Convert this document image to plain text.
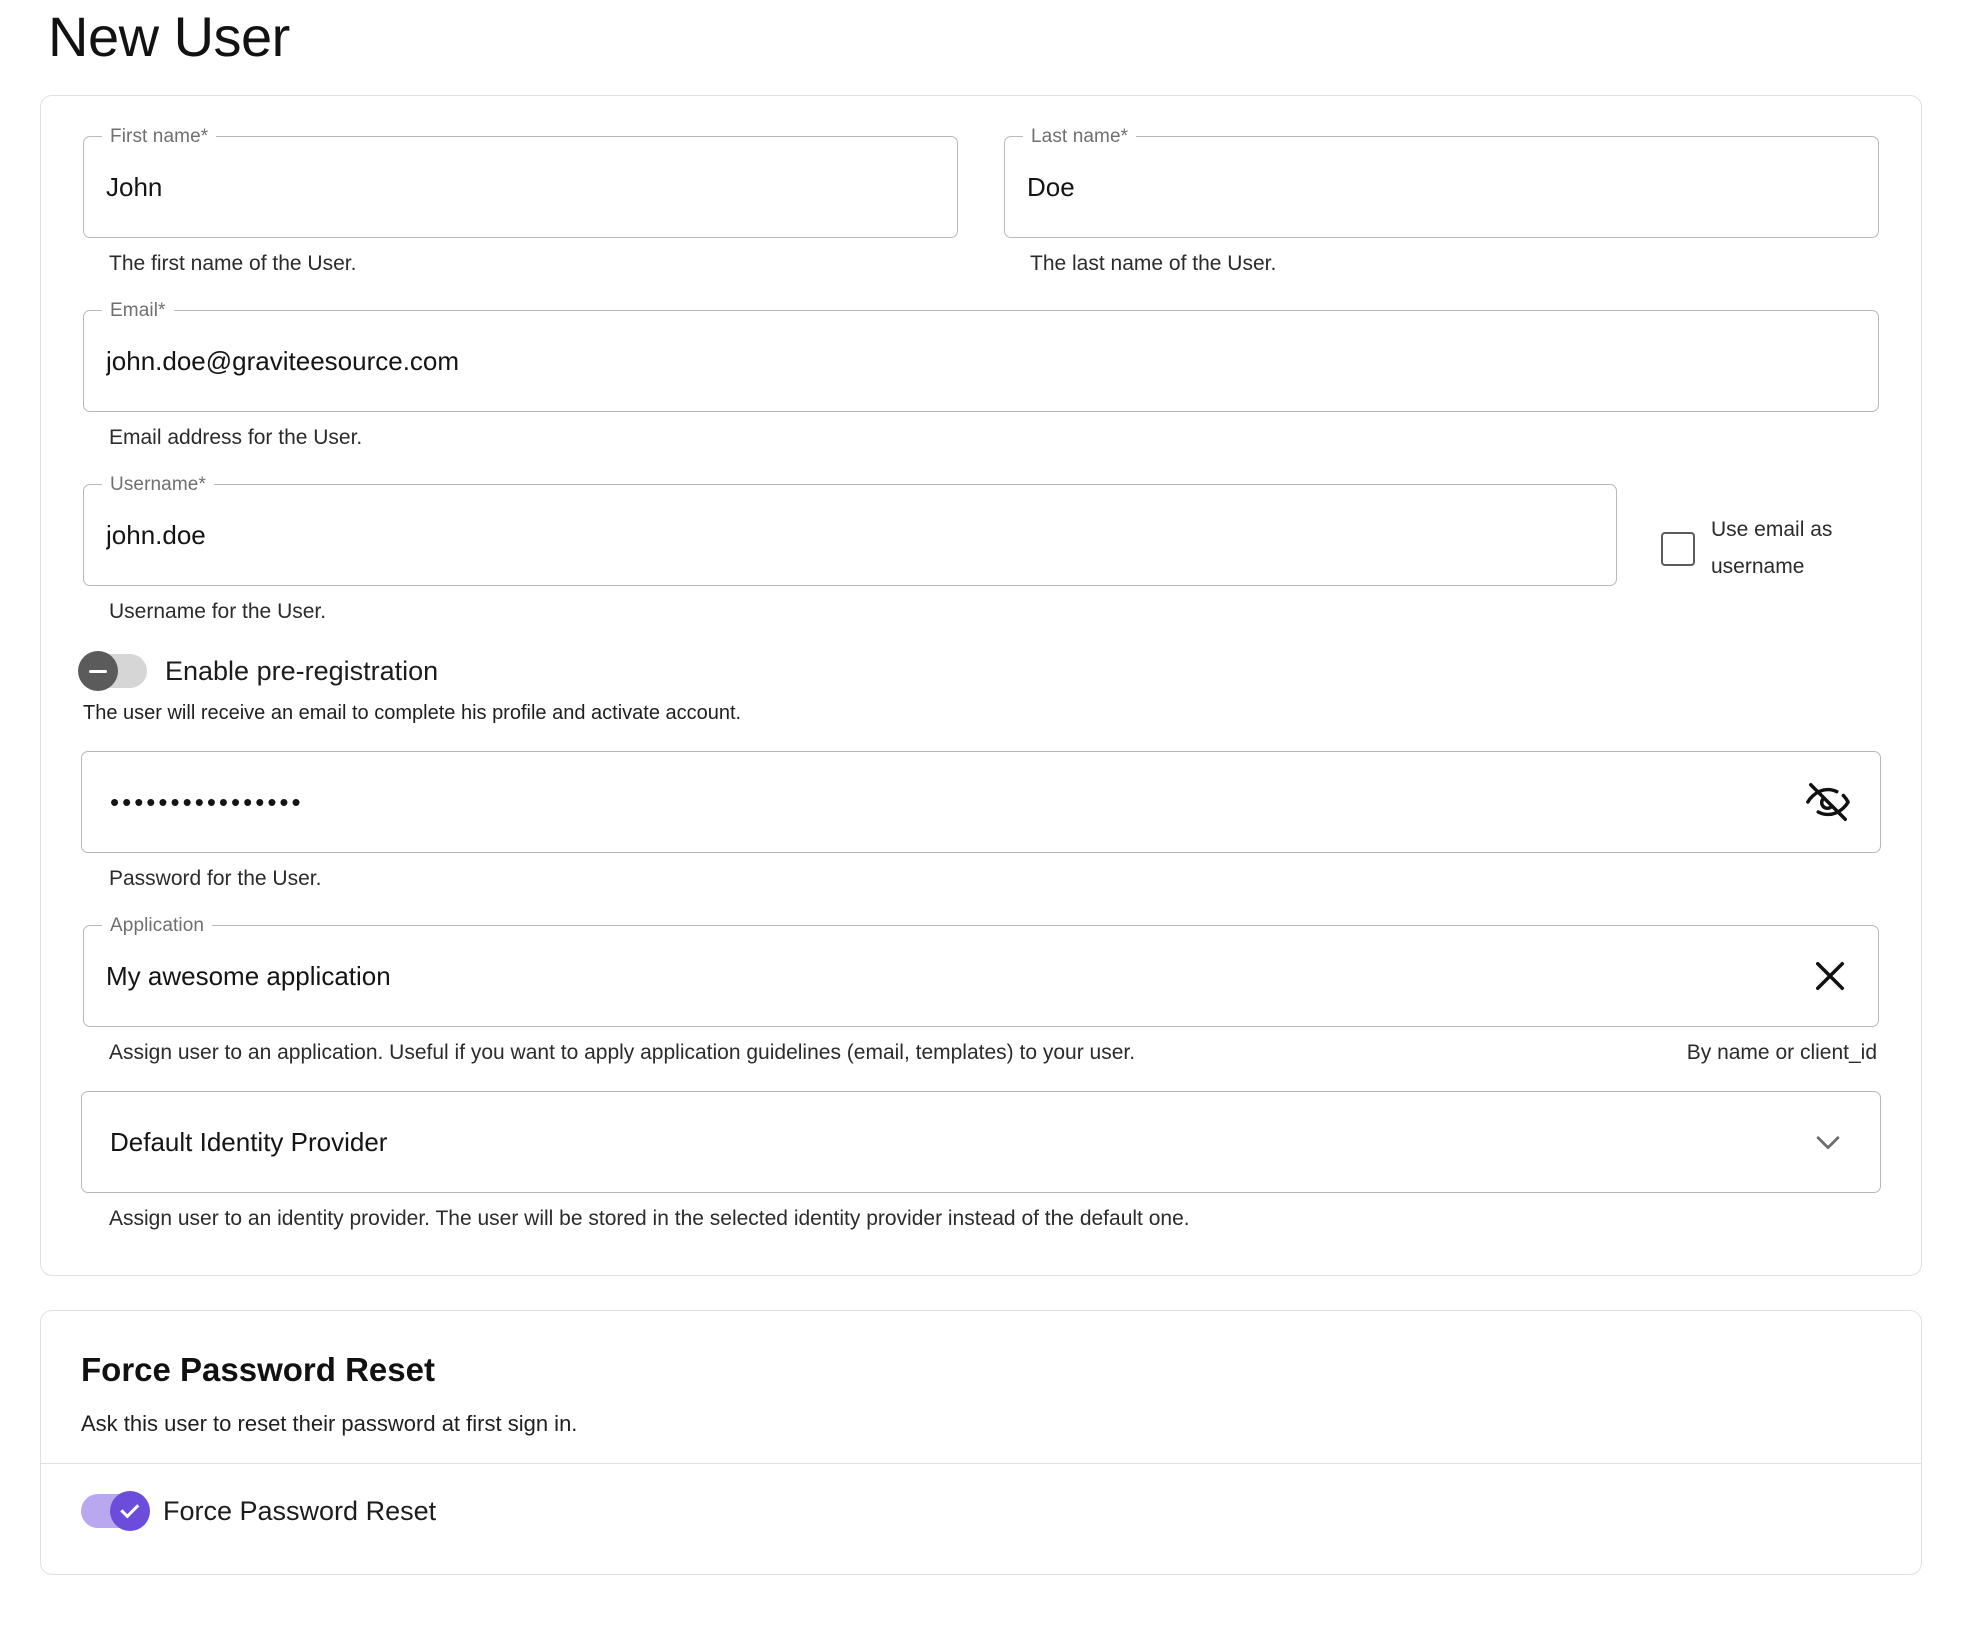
New User
First name*
John
The first name of the User.
Last name*
Doe
The last name of the User.
Email*
john.doe@graviteesource.com
Email address for the User.
Username*
john.doe
Username for the User.
Use email as username
Enable pre-registration
The user will receive an email to complete his profile and activate account.
••••••••••••••••
Password for the User.
Application
My awesome application
Assign user to an application. Useful if you want to apply application guidelines (email, templates) to your user.	By name or client_id
Default Identity Provider
Assign user to an identity provider. The user will be stored in the selected identity provider instead of the default one.
Force Password Reset
Ask this user to reset their password at first sign in.
Force Password Reset
